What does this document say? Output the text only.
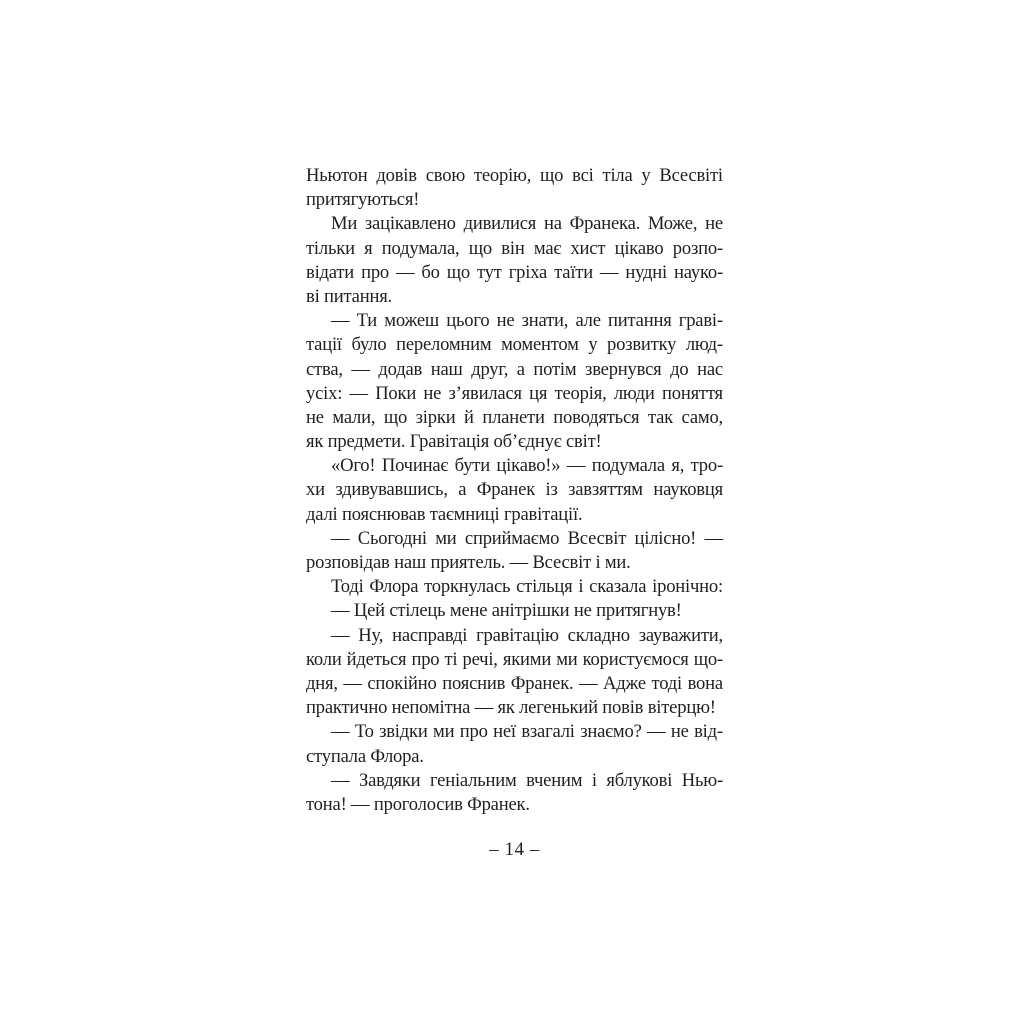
Ньютон довів свою теорію, що всі тіла у Всесвіті
притягуються!
Ми зацікавлено дивилися на Франека. Може, не
тільки я подумала, що він має хист цікаво розпо-
відати про — бо що тут гріха таїти — нудні науко-
ві питання.
— Ти можеш цього не знати, але питання граві-
тації було переломним моментом у розвитку люд-
ства, — додав наш друг, а потім звернувся до нас
усіх: — Поки не з’явилася ця теорія, люди поняття
не мали, що зірки й планети поводяться так само,
як предмети. Гравітація об’єднує світ!
«Ого! Починає бути цікаво!» — подумала я, тро-
хи здивувавшись, а Франек із завзяттям науковця
далі пояснював таємниці гравітації.
— Сьогодні ми сприймаємо Всесвіт цілісно! —
розповідав наш приятель. — Всесвіт і ми.
Тоді Флора торкнулась стільця і сказала іронічно:
— Цей стілець мене анітрішки не притягнув!
— Ну, насправді гравітацію складно зауважити,
коли йдеться про ті речі, якими ми користуємося що-
дня, — спокійно пояснив Франек. — Адже тоді вона
практично непомітна — як легенький повів вітерцю!
— То звідки ми про неї взагалі знаємо? — не від-
ступала Флора.
— Завдяки геніальним вченим і яблукові Нью-
тона! — проголосив Франек.
– 14 –
